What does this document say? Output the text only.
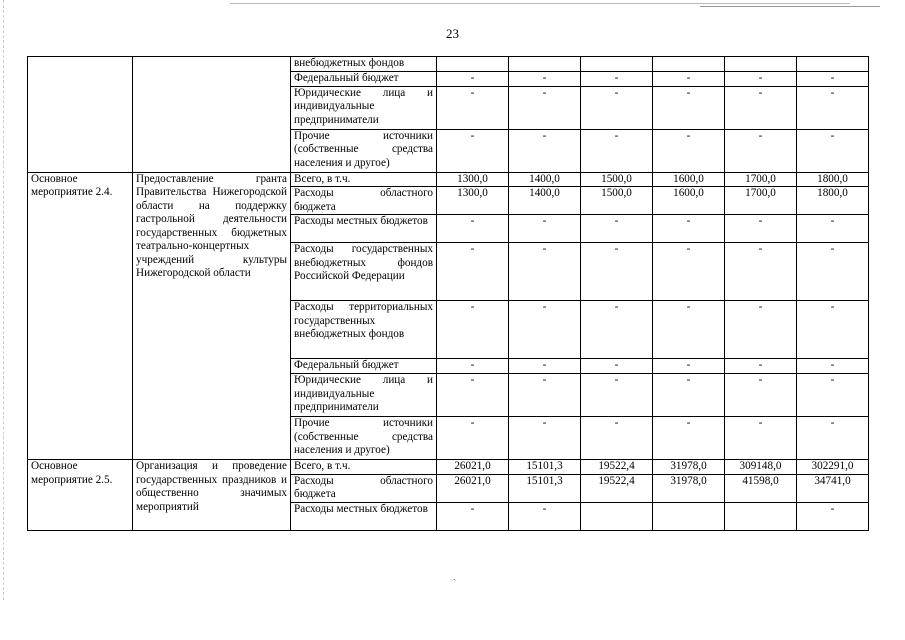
23
		внебюджетных фондов						
		Федеральный бюджет	-	-	-	-	-	-
		Юридические лица и индивидуальные предприниматели	-	-	-	-	-	-
		Прочие источники (собственные средства населения и другое)	-	-	-	-	-	-
Основное мероприятие 2.4.	Предоставление гранта Правительства Нижегородской области на поддержку гастрольной деятельности государственных бюджетных театрально-концертных учреждений культуры Нижегородской области	Всего, в т.ч.	1300,0	1400,0	1500,0	1600,0	1700,0	1800,0
		Расходы областного бюджета	1300,0	1400,0	1500,0	1600,0	1700,0	1800,0
		Расходы местных бюджетов	-	-	-	-	-	-
		Расходы государственных внебюджетных фондов Российской Федерации	-	-	-	-	-	-
		Расходы территориальных государственных внебюджетных фондов	-	-	-	-	-	-
		Федеральный бюджет	-	-	-	-	-	-
		Юридические лица и индивидуальные предприниматели	-	-	-	-	-	-
		Прочие источники (собственные средства населения и другое)	-	-	-	-	-	-
Основное мероприятие 2.5.	Организация и проведение государственных праздников и общественно значимых мероприятий	Всего, в т.ч.	26021,0	15101,3	19522,4	31978,0	309148,0	302291,0
		Расходы областного бюджета	26021,0	15101,3	19522,4	31978,0	41598,0	34741,0
		Расходы местных бюджетов	-	-				-
ˏ
